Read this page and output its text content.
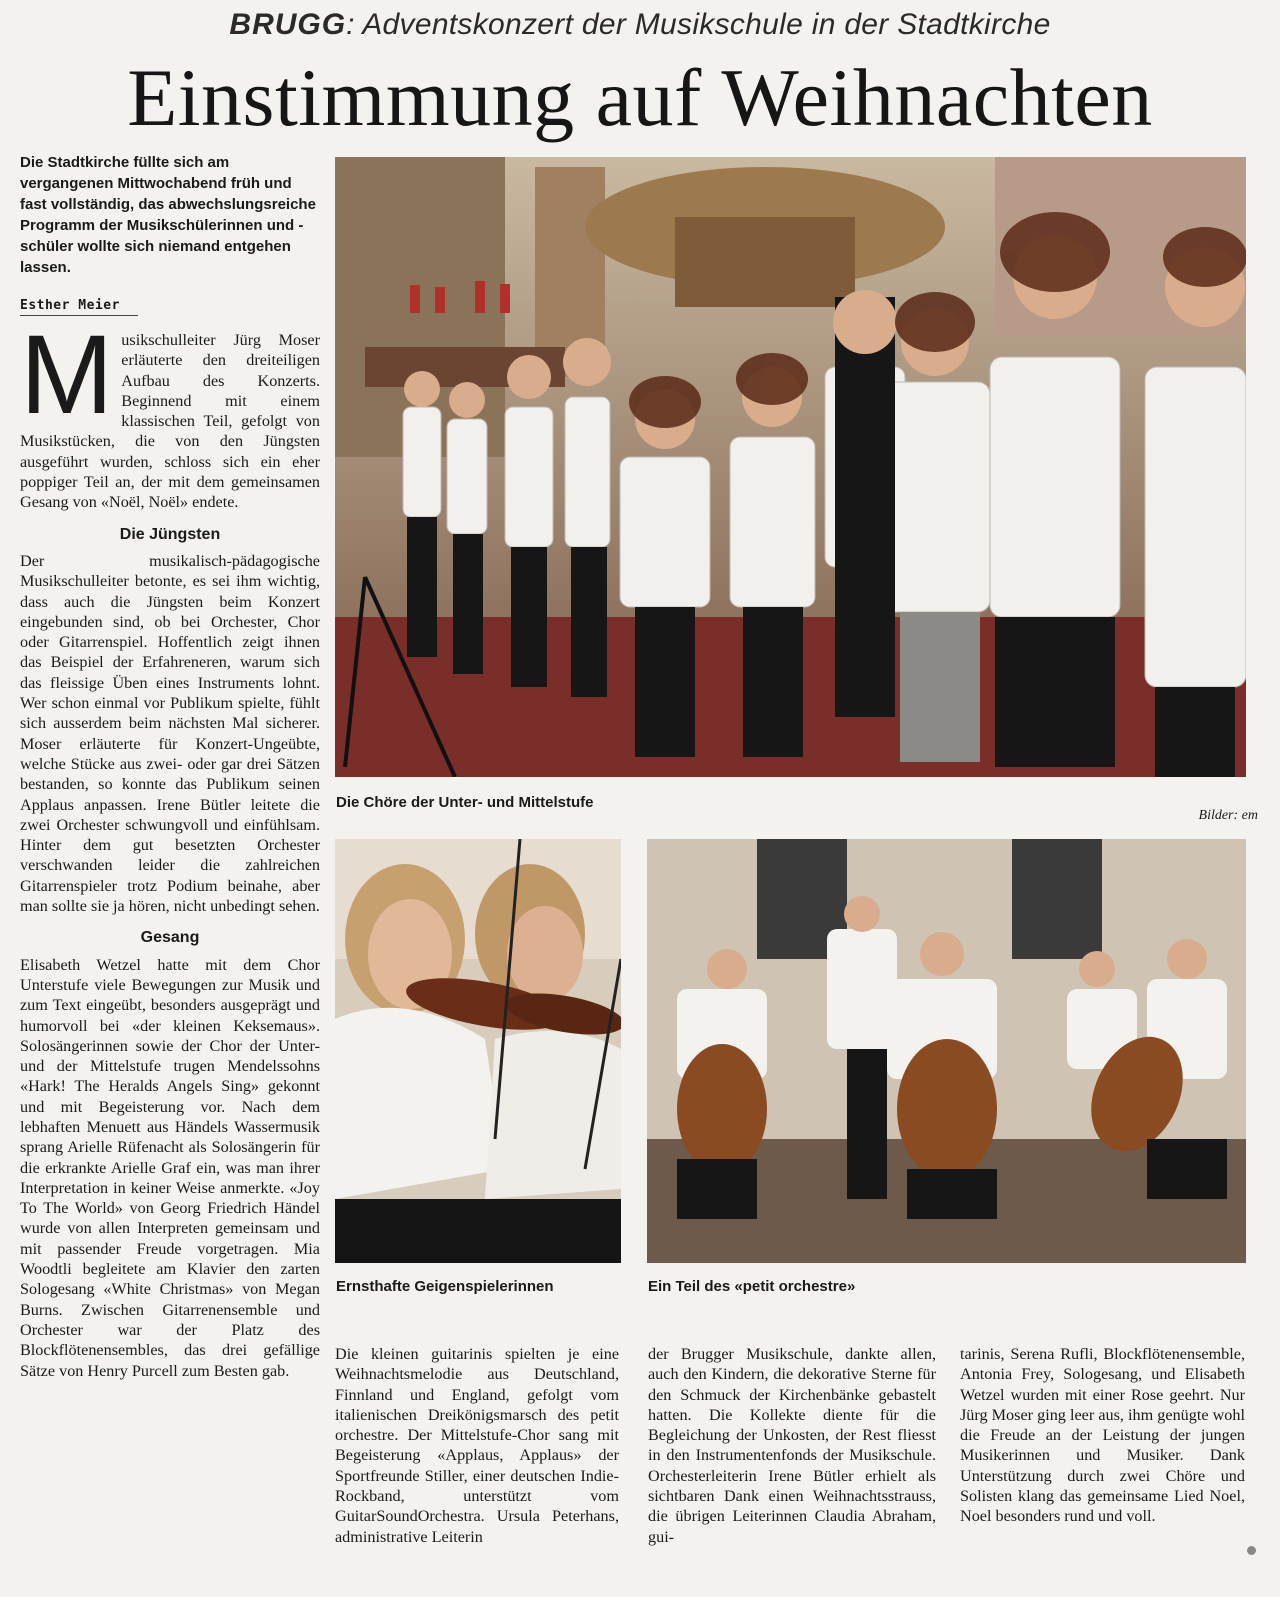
BRUGG: Adventskonzert der Musikschule in der Stadtkirche
Einstimmung auf Weihnachten
Die Stadtkirche füllte sich am vergangenen Mittwochabend früh und fast vollständig, das abwechslungsreiche Programm der Musikschülerinnen und -schüler wollte sich niemand entgehen lassen.
Esther Meier

Musikschulleiter Jürg Moser erläuterte den dreiteiligen Aufbau des Konzerts. Beginnend mit einem klassischen Teil, gefolgt von Musikstücken, die von den Jüngsten ausgeführt wurden, schloss sich ein eher poppiger Teil an, der mit dem gemeinsamen Gesang von «Noël, Noël» endete.

Die Jüngsten

Der musikalisch-pädagogische Musikschulleiter betonte, es sei ihm wichtig, dass auch die Jüngsten beim Konzert eingebunden sind, ob bei Orchester, Chor oder Gitarrenspiel. Hoffentlich zeigt ihnen das Beispiel der Erfahreneren, warum sich das fleissige Üben eines Instruments lohnt. Wer schon einmal vor Publikum spielte, fühlt sich ausserdem beim nächsten Mal sicherer. Moser erläuterte für Konzert-Ungeübte, welche Stücke aus zwei- oder gar drei Sätzen bestanden, so konnte das Publikum seinen Applaus anpassen. Irene Bütler leitete die zwei Orchester schwungvoll und einfühlsam. Hinter dem gut besetzten Orchester verschwanden leider die zahlreichen Gitarrenspieler trotz Podium beinahe, aber man sollte sie ja hören, nicht unbedingt sehen.

Gesang

Elisabeth Wetzel hatte mit dem Chor Unterstufe viele Bewegungen zur Musik und zum Text eingeübt, besonders ausgeprägt und humorvoll bei «der kleinen Keksemaus». Solosängerinnen sowie der Chor der Unter- und der Mittelstufe trugen Mendelssohns «Hark! The Heralds Angels Sing» gekonnt und mit Begeisterung vor. Nach dem lebhaften Menuett aus Händels Wassermusik sprang Arielle Rüfenacht als Solosängerin für die erkrankte Arielle Graf ein, was man ihrer Interpretation in keiner Weise anmerkte. «Joy To The World» von Georg Friedrich Händel wurde von allen Interpreten gemeinsam und mit passender Freude vorgetragen. Mia Woodtli begleitete am Klavier den zarten Sologesang «White Christmas» von Megan Burns. Zwischen Gitarrenensemble und Orchester war der Platz des Blockflötenensembles, das drei gefällige Sätze von Henry Purcell zum Besten gab.

Die Chöre der Unter- und Mittelstufe
Bilder: em
Ernsthafte Geigenspielerinnen	Ein Teil des «petit orchestre»

Die kleinen guitarinis spielten je eine Weihnachtsmelodie aus Deutschland, Finnland und England, gefolgt vom italienischen Dreikönigsmarsch des petit orchestre. Der Mittelstufe-Chor sang mit Begeisterung «Applaus, Applaus» der Sportfreunde Stiller, einer deutschen Indie-Rockband, unterstützt vom GuitarSoundOrchestra. Ursula Peterhans, administrative Leiterin

der Brugger Musikschule, dankte allen, auch den Kindern, die dekorative Sterne für den Schmuck der Kirchenbänke gebastelt hatten. Die Kollekte diente für die Begleichung der Unkosten, der Rest fliesst in den Instrumentenfonds der Musikschule. Orchesterleiterin Irene Bütler erhielt als sichtbaren Dank einen Weihnachtsstrauss, die übrigen Leiterinnen Claudia Abraham, gui-

tarinis, Serena Rufli, Blockflötenensemble, Antonia Frey, Sologesang, und Elisabeth Wetzel wurden mit einer Rose geehrt. Nur Jürg Moser ging leer aus, ihm genügte wohl die Freude an der Leistung der jungen Musikerinnen und Musiker. Dank Unterstützung durch zwei Chöre und Solisten klang das gemeinsame Lied Noel, Noel besonders rund und voll.
